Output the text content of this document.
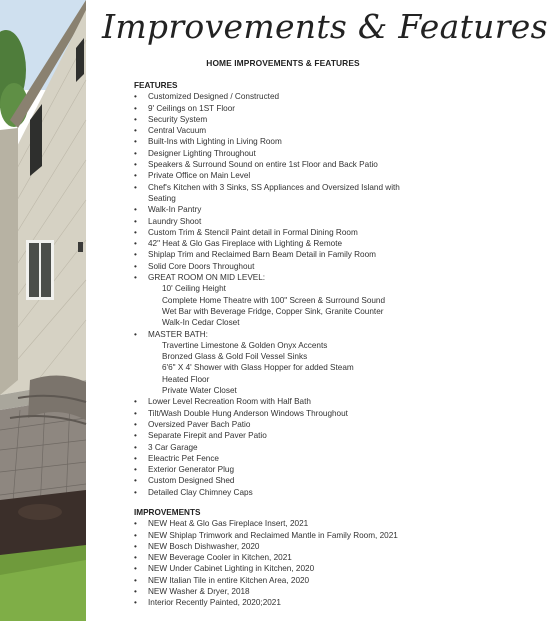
Improvements & Features
HOME IMPROVEMENTS & FEATURES
FEATURES
• Customized Designed / Constructed
• 9' Ceilings on 1ST Floor
• Security System
• Central Vacuum
• Built-Ins with Lighting in Living Room
• Designer Lighting Throughout
• Speakers & Surround Sound on entire 1st Floor and Back Patio
• Private Office on Main Level
• Chef's Kitchen with 3 Sinks, SS Appliances and Oversized Island with
Seating
• Walk-In Pantry
• Laundry Shoot
• Custom Trim & Stencil Paint detail in Formal Dining Room
• 42" Heat & Glo Gas Fireplace with Lighting & Remote
• Shiplap Trim and Reclaimed Barn Beam Detail in Family Room
• Solid Core Doors Throughout
• GREAT ROOM ON MID LEVEL:
10' Ceiling Height
Complete Home Theatre with 100" Screen & Surround Sound
Wet Bar with Beverage Fridge, Copper Sink, Granite Counter
Walk-In Cedar Closet
• MASTER BATH:
Travertine Limestone & Golden Onyx Accents
Bronzed Glass & Gold Foil Vessel Sinks
6'6" X 4' Shower with Glass Hopper for added Steam
Heated Floor
Private Water Closet
• Lower Level Recreation Room with Half Bath
• Tilt/Wash Double Hung Anderson Windows Throughout
• Oversized Paver Bach Patio
• Separate Firepit and Paver Patio
• 3 Car Garage
• Eleactric Pet Fence
• Exterior Generator Plug
• Custom Designed Shed
• Detailed Clay Chimney Caps
IMPROVEMENTS
• NEW Heat & Glo Gas Fireplace Insert, 2021
• NEW Shiplap Trimwork and Reclaimed Mantle in Family Room, 2021
• NEW Bosch Dishwasher, 2020
• NEW Beverage Cooler in Kitchen, 2021
• NEW Under Cabinet Lighting in Kitchen, 2020
• NEW Italian Tile in entire Kitchen Area, 2020
• NEW Washer & Dryer, 2018
• Interior Recently Painted, 2020;2021
